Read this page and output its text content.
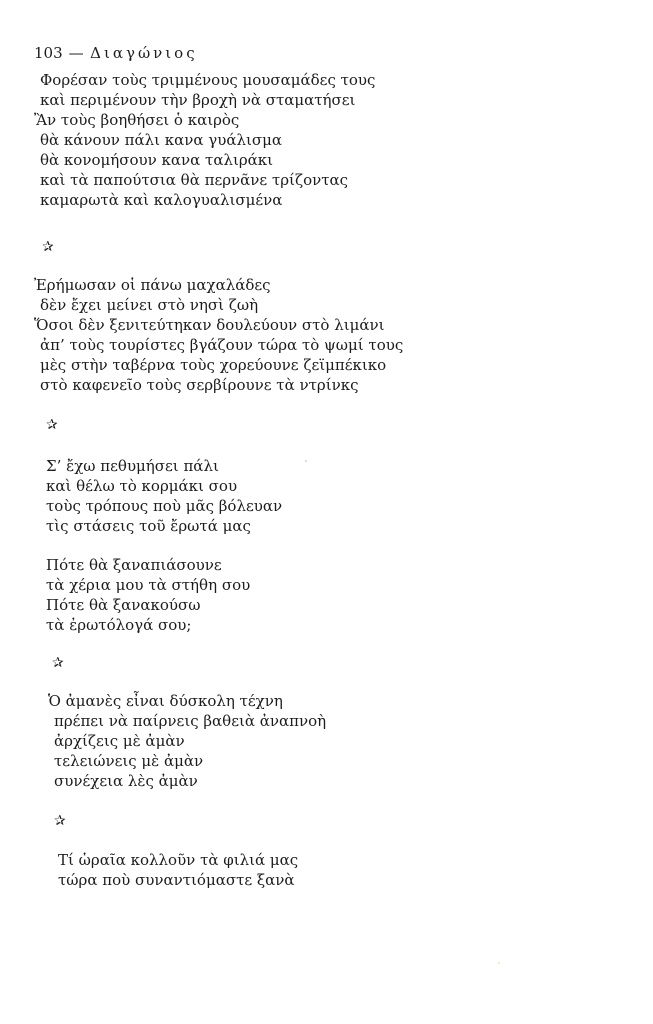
103 — Διαγώνιος
Φορέσαν τοὺς τριμμένους μουσαμάδες τους
καὶ περιμένουν τὴν βροχὴ νὰ σταματήσει
Ἂν τοὺς βοηθήσει ὁ καιρὸς
θὰ κάνουν πάλι κανα γυάλισμα
θὰ κονομήσουν κανα ταλιράκι
καὶ τὰ παπούτσια θὰ περνᾶνε τρίζοντας
καμαρωτὰ καὶ καλογυαλισμένα
✰
Ἐρήμωσαν οἱ πάνω μαχαλάδες
δὲν ἔχει μείνει στὸ νησὶ ζωὴ
Ὅσοι δὲν ξενιτεύτηκαν δουλεύουν στὸ λιμάνι
ἀπ’ τοὺς τουρίστες βγάζουν τώρα τὸ ψωμί τους
μὲς στὴν ταβέρνα τοὺς χορεύουνε ζεϊμπέκικο
στὸ καφενεῖο τοὺς σερβίρουνε τὰ ντρίνκς
✰
Σ’ ἔχω πεθυμήσει πάλι
καὶ θέλω τὸ κορμάκι σου
τοὺς τρόπους ποὺ μᾶς βόλευαν
τὶς στάσεις τοῦ ἔρωτά μας
Πότε θὰ ξαναπιάσουνε
τὰ χέρια μου τὰ στήθη σου
Πότε θὰ ξανακούσω
τὰ ἐρωτόλογά σου;
✰
Ὁ ἀμανὲς εἶναι δύσκολη τέχνη
πρέπει νὰ παίρνεις βαθειὰ ἀναπνοὴ
ἀρχίζεις μὲ ἀμὰν
τελειώνεις μὲ ἀμὰν
συνέχεια λὲς ἀμὰν
✰
Τί ὡραῖα κολλοῦν τὰ φιλιά μας
τώρα ποὺ συναντιόμαστε ξανὰ
